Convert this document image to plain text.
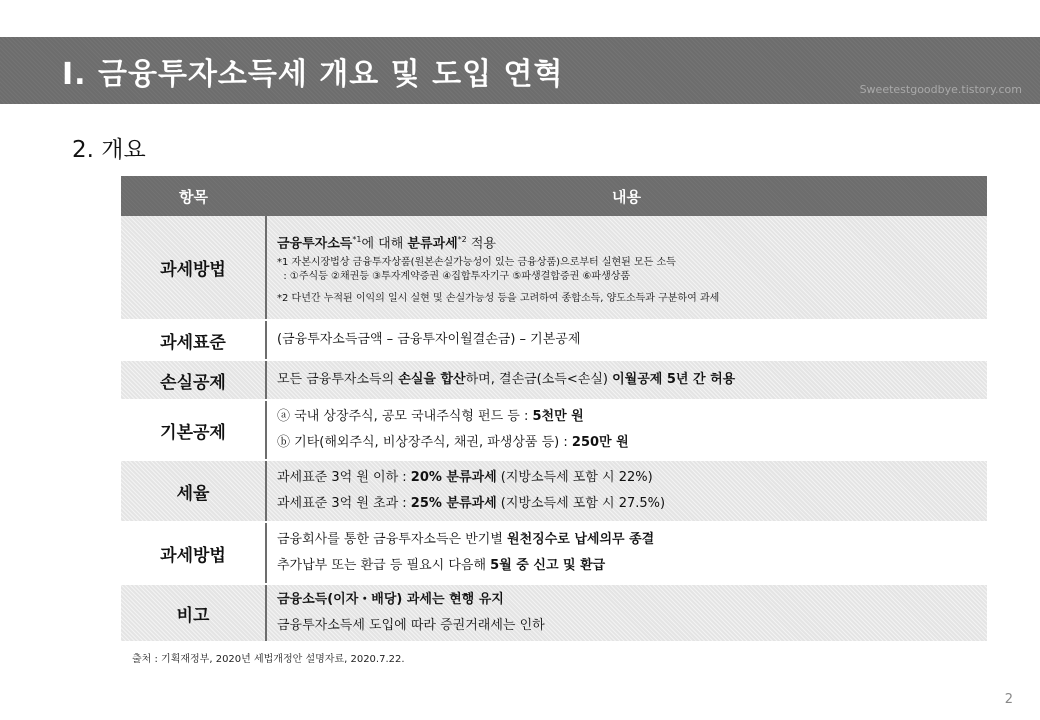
I. 금융투자소득세 개요 및 도입 연혁	Sweetestgoodbye.tistory.com
2. 개요
항목	내용
과세방법	금융투자소득$^{*1}$에 대해 분류과세$^{*2}$ 적용
*1 자본시장법상 금융투자상품(원본손실가능성이 있는 금융상품)으로부터 실현된 모든 소득
: ①주식등 ②채권등 ③투자계약증권 ④집합투자기구 ⑤파생결합증권 ⑥파생상품
*2 다년간 누적된 이익의 일시 실현 및 손실가능성 등을 고려하여 종합소득, 양도소득과 구분하여 과세

과세표준	(금융투자소득금액 – 금융투자이월결손금) – 기본공제

손실공제	모든 금융투자소득의 손실을 합산하며, 결손금(소득<손실) 이월공제 5년 간 허용

기본공제	ⓐ 국내 상장주식, 공모 국내주식형 펀드 등 : 5천만 원
ⓑ 기타(해외주식, 비상장주식, 채권, 파생상품 등) : 250만 원

세율	과세표준 3억 원 이하 : 20% 분류과세 (지방소득세 포함 시 22%)
과세표준 3억 원 초과 : 25% 분류과세 (지방소득세 포함 시 27.5%)

과세방법	금융회사를 통한 금융투자소득은 반기별 원천징수로 납세의무 종결
추가납부 또는 환급 등 필요시 다음해 5월 중 신고 및 환급

비고	금융소득(이자・배당) 과세는 현행 유지
금융투자소득세 도입에 따라 증권거래세는 인하
출처 : 기획재정부, 2020년 세법개정안 설명자료, 2020.7.22.
2
